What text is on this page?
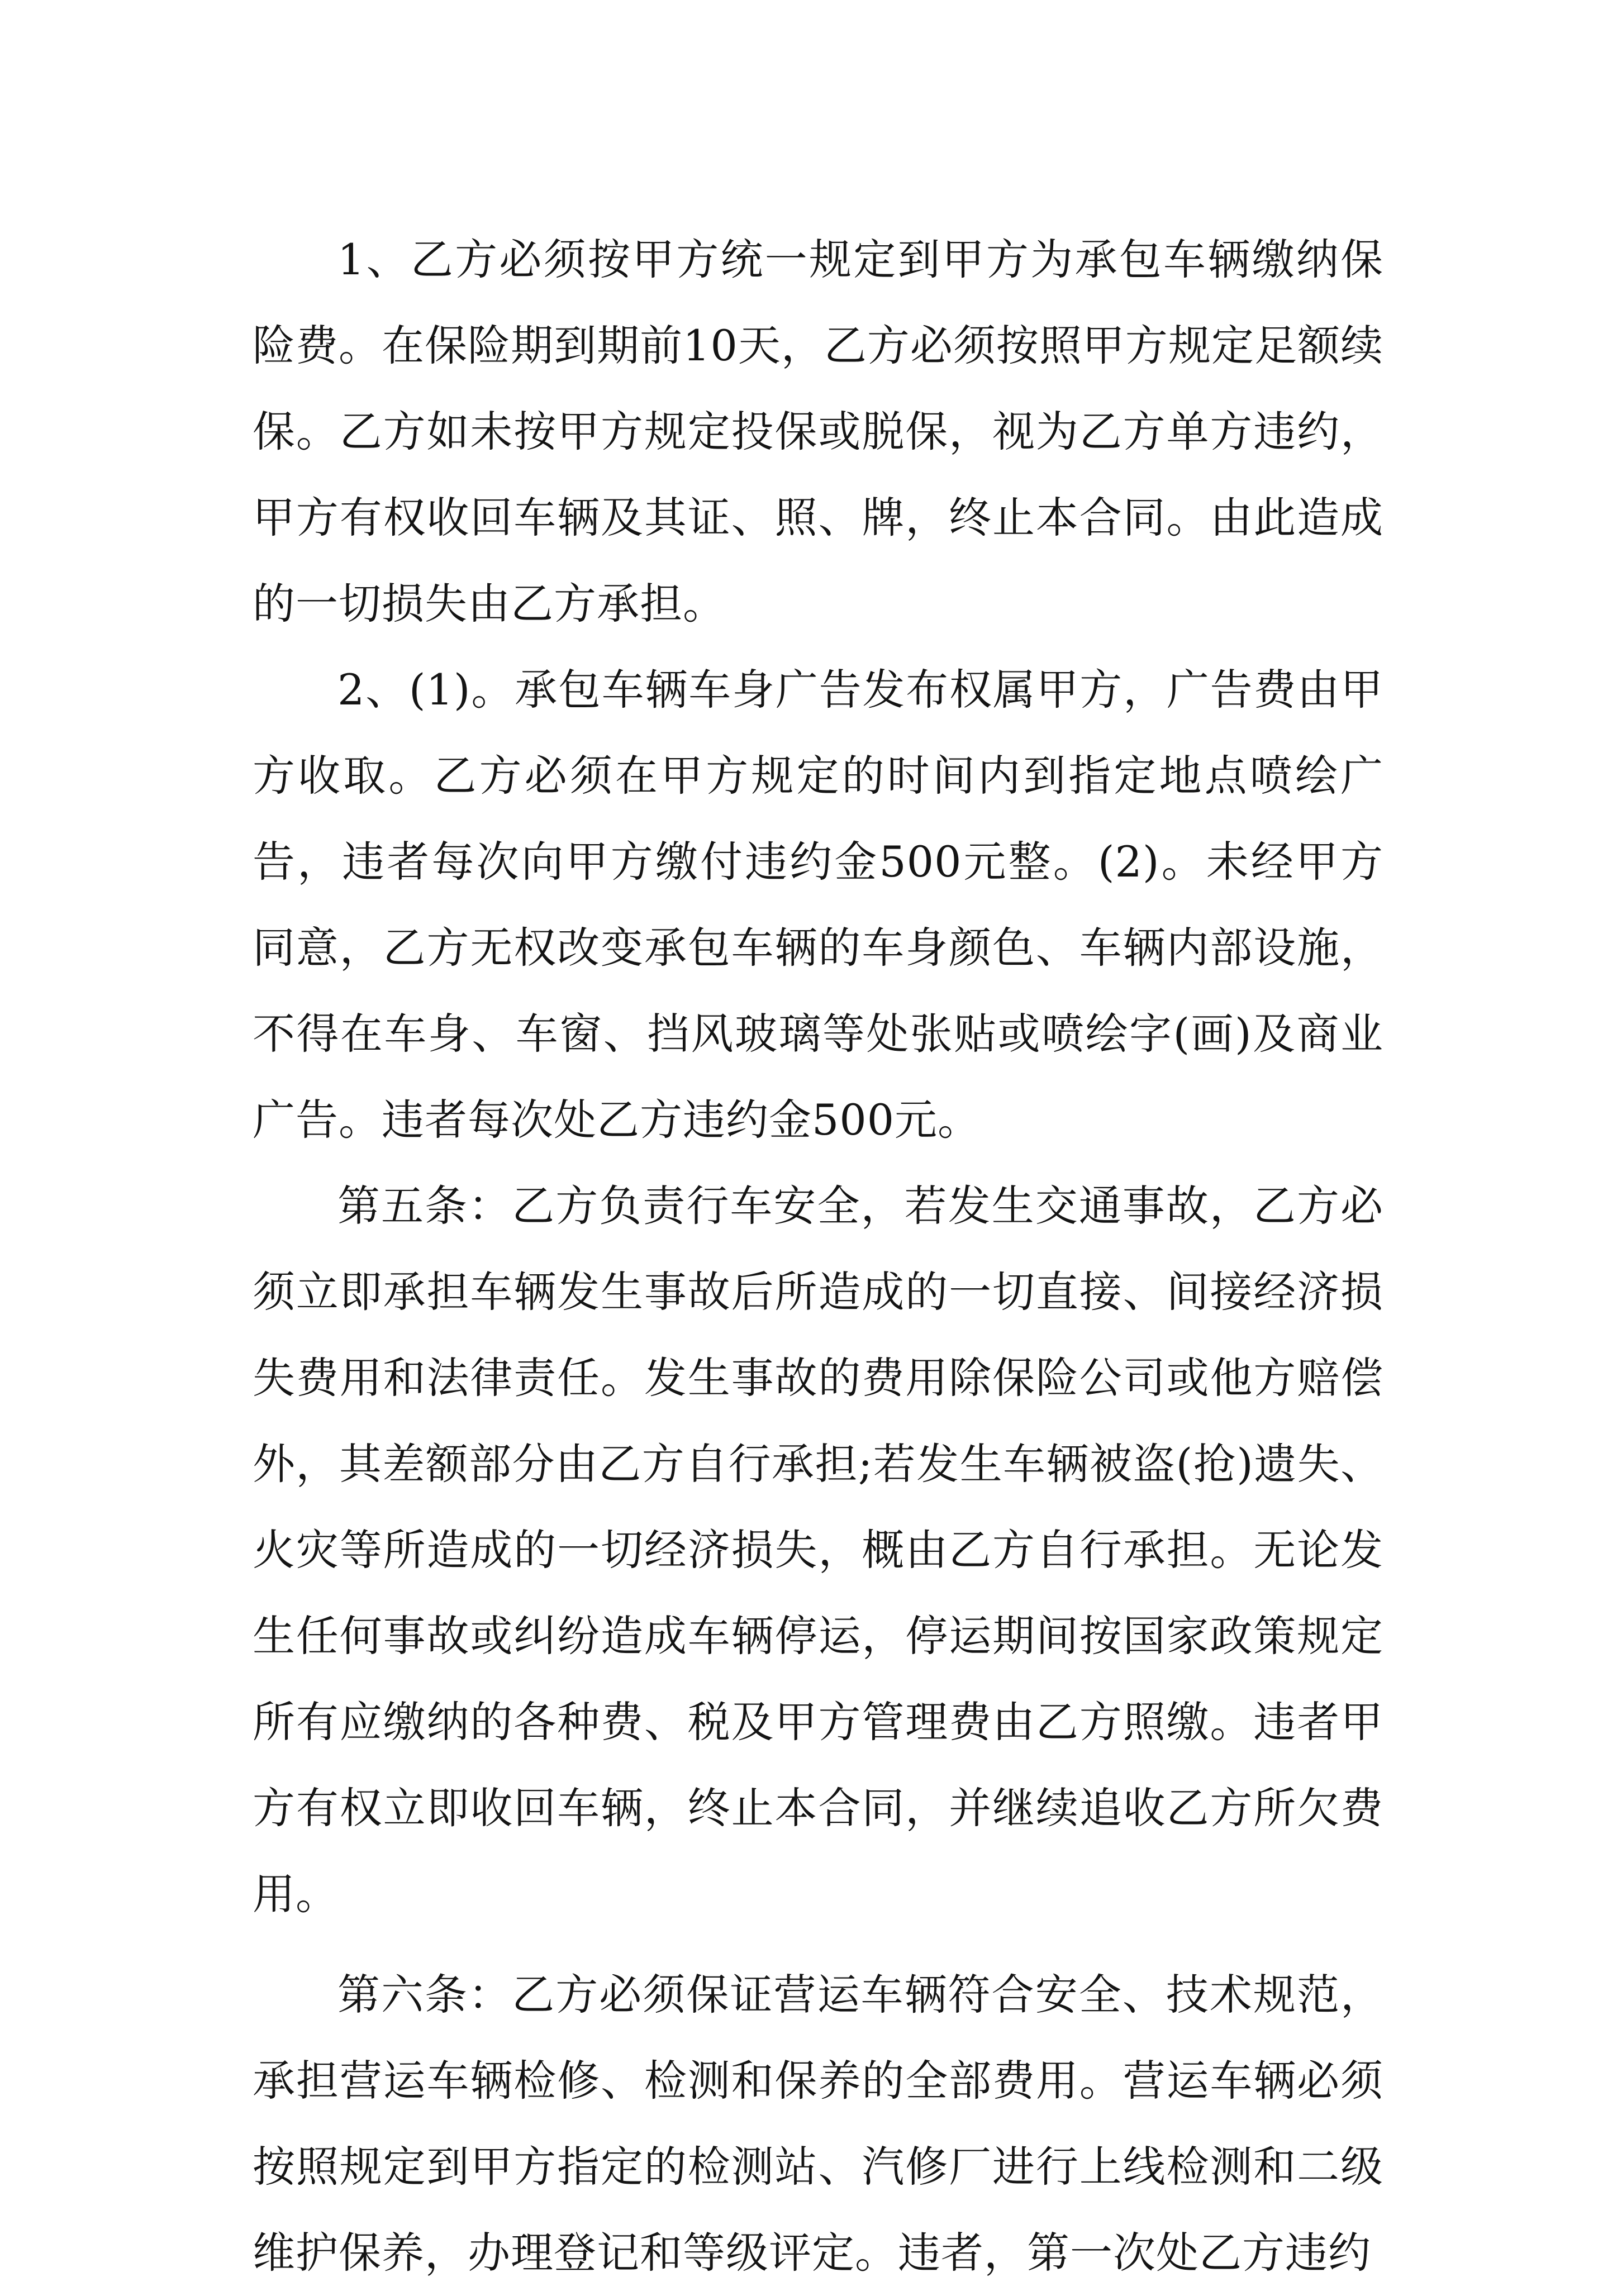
1、乙方必须按甲方统一规定到甲方为承包车辆缴纳保险费。在保险期到期前10天，乙方必须按照甲方规定足额续保。乙方如未按甲方规定投保或脱保，视为乙方单方违约，甲方有权收回车辆及其证、照、牌，终止本合同。由此造成的一切损失由乙方承担。

2、(1)。承包车辆车身广告发布权属甲方，广告费由甲方收取。乙方必须在甲方规定的时间内到指定地点喷绘广告，违者每次向甲方缴付违约金500元整。(2)。未经甲方同意，乙方无权改变承包车辆的车身颜色、车辆内部设施，不得在车身、车窗、挡风玻璃等处张贴或喷绘字(画)及商业广告。违者每次处乙方违约金500元。

第五条：乙方负责行车安全，若发生交通事故，乙方必须立即承担车辆发生事故后所造成的一切直接、间接经济损失费用和法律责任。发生事故的费用除保险公司或他方赔偿外，其差额部分由乙方自行承担;若发生车辆被盗(抢)遗失、火灾等所造成的一切经济损失，概由乙方自行承担。无论发生任何事故或纠纷造成车辆停运，停运期间按国家政策规定所有应缴纳的各种费、税及甲方管理费由乙方照缴。违者甲方有权立即收回车辆，终止本合同，并继续追收乙方所欠费用。

第六条：乙方必须保证营运车辆符合安全、技术规范，承担营运车辆检修、检测和保养的全部费用。营运车辆必须按照规定到甲方指定的检测站、汽修厂进行上线检测和二级维护保养，办理登记和等级评定。违者，第一次处乙方违约
